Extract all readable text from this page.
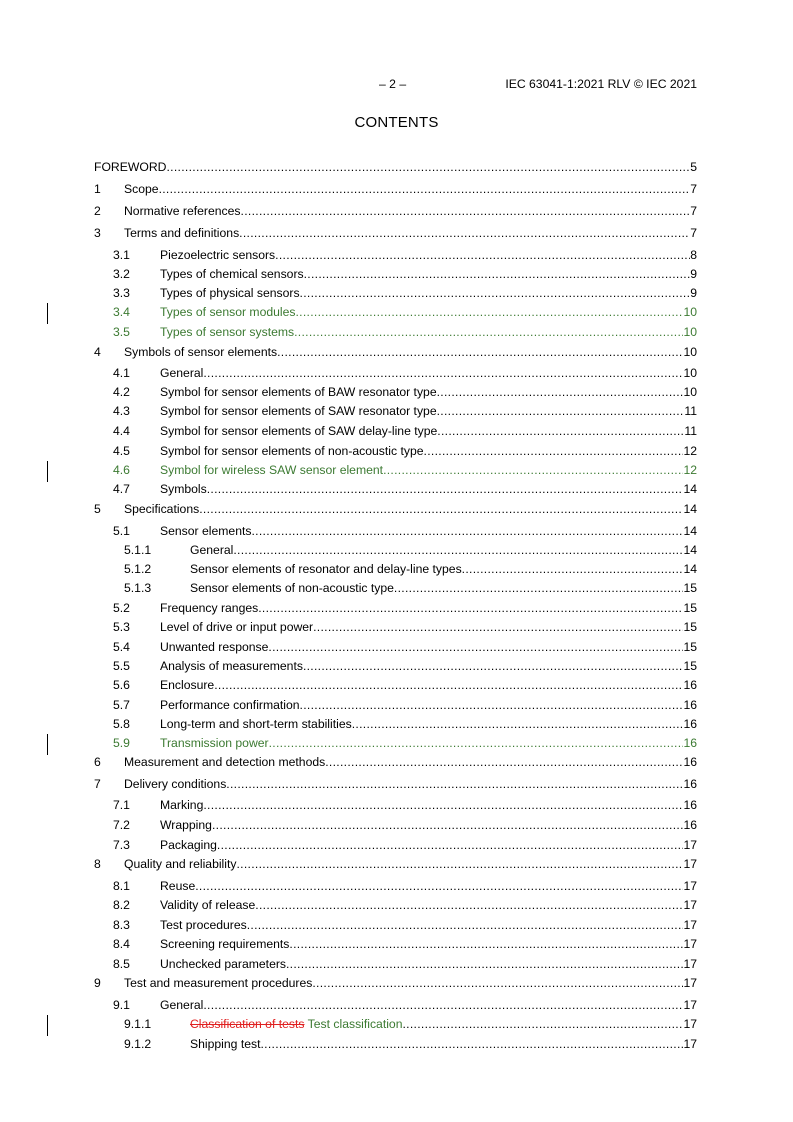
– 2 –	IEC 63041-1:2021 RLV © IEC 2021
CONTENTS
FOREWORD .....	5
1 Scope .....	7
2 Normative references .....	7
3 Terms and definitions .....	7
3.1 Piezoelectric sensors .....	8
3.2 Types of chemical sensors .....	9
3.3 Types of physical sensors .....	9
3.4 Types of sensor modules .....	10
3.5 Types of sensor systems .....	10
4 Symbols of sensor elements .....	10
4.1 General .....	10
4.2 Symbol for sensor elements of BAW resonator type .....	10
4.3 Symbol for sensor elements of SAW resonator type .....	11
4.4 Symbol for sensor elements of SAW delay-line type .....	11
4.5 Symbol for sensor elements of non-acoustic type .....	12
4.6 Symbol for wireless SAW sensor element .....	12
4.7 Symbols .....	14
5 Specifications .....	14
5.1 Sensor elements .....	14
5.1.1	General .....	14
5.1.2	Sensor elements of resonator and delay-line types .....	14
5.1.3	Sensor elements of non-acoustic type .....	15
5.2 Frequency ranges .....	15
5.3 Level of drive or input power .....	15
5.4 Unwanted response .....	15
5.5 Analysis of measurements .....	15
5.6 Enclosure .....	16
5.7 Performance confirmation .....	16
5.8 Long-term and short-term stabilities .....	16
5.9 Transmission power .....	16
6 Measurement and detection methods .....	16
7 Delivery conditions .....	16
7.1 Marking .....	16
7.2 Wrapping .....	16
7.3 Packaging .....	17
8 Quality and reliability .....	17
8.1 Reuse .....	17
8.2 Validity of release .....	17
8.3 Test procedures .....	17
8.4 Screening requirements .....	17
8.5 Unchecked parameters .....	17
9 Test and measurement procedures .....	17
9.1 General .....	17
9.1.1	Classification of tests Test classification .....	17
9.1.2	Shipping test .....	17
